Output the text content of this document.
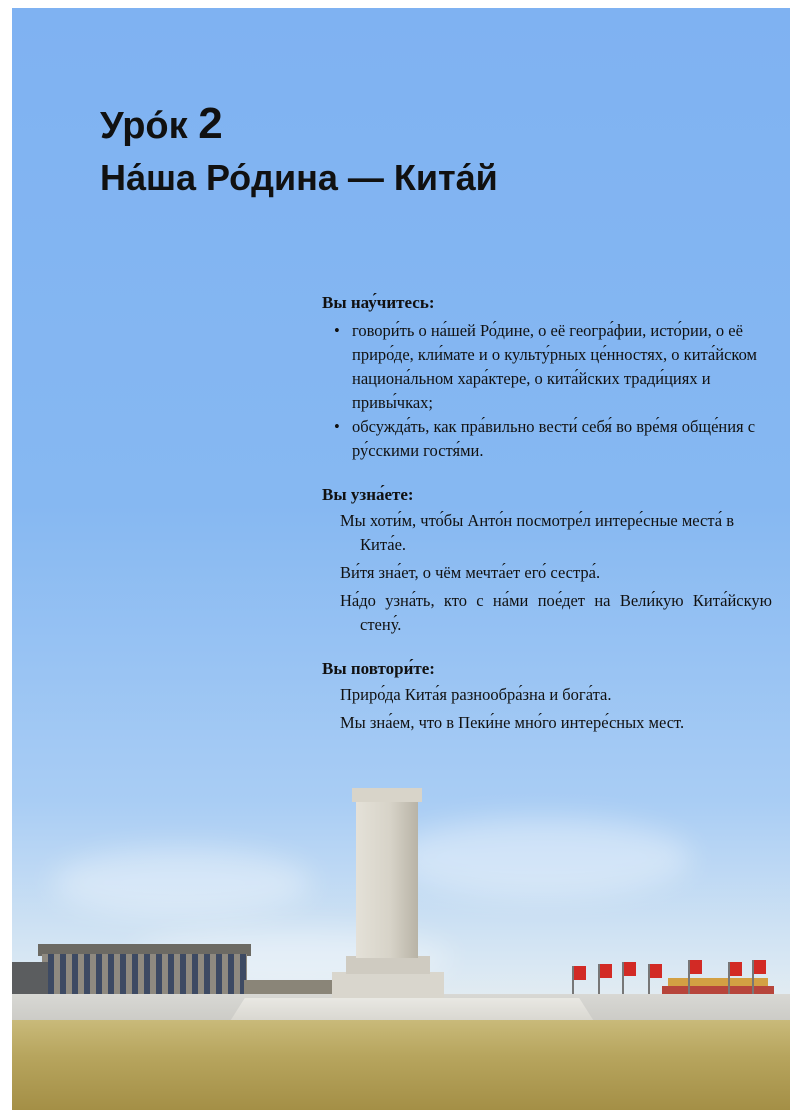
Уро́к 2
На́ша Ро́дина — Кита́й

Вы нау́читесь:

• говори́ть о на́шей Ро́дине, о её геогра́фии, исто́рии, о её приро́де, кли́мате и о культу́рных це́нностях, о кита́йском национа́льном хара́ктере, о кита́йских тради́циях и привы́чках;
• обсужда́ть, как пра́вильно вести́ себя́ во вре́мя обще́ния с ру́сскими гостя́ми.

Вы узна́ете:

Мы хоти́м, что́бы Анто́н посмотре́л интере́сные места́ в Кита́е.

Ви́тя зна́ет, о чём мечта́ет его́ сестра́.

На́до узна́ть, кто с на́ми пое́дет на Вели́кую Кита́йскую стену́.

Вы повтори́те:

Приро́да Кита́я разнообра́зна и бога́та.

Мы зна́ем, что в Пеки́не мно́го интере́сных мест.
